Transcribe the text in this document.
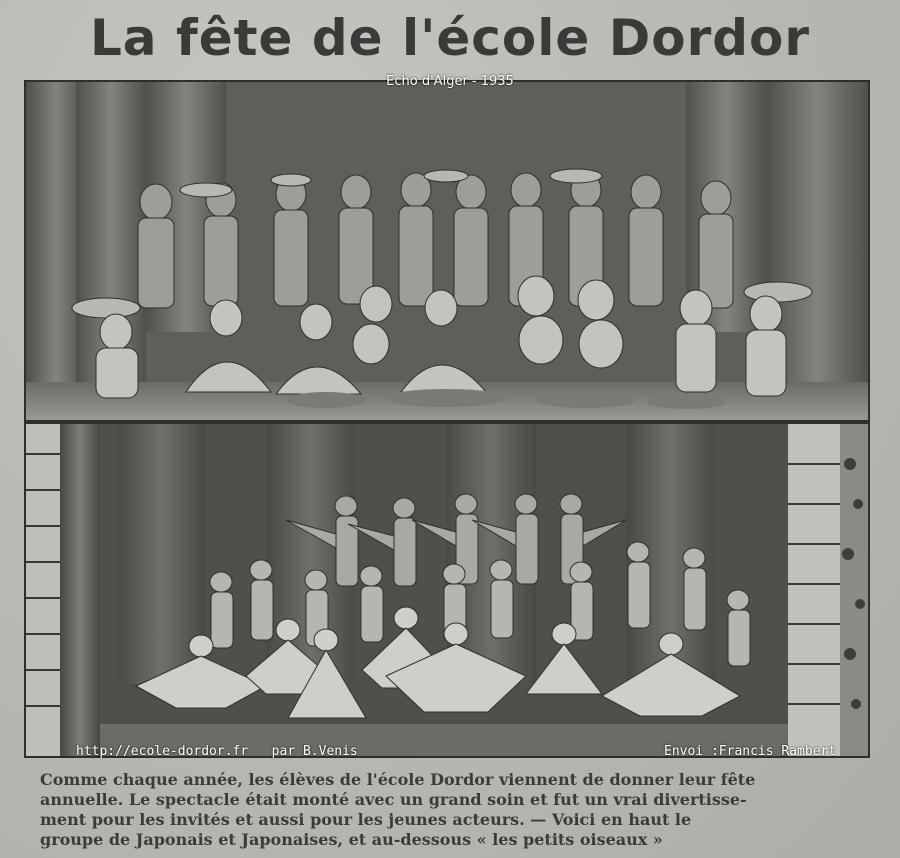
La fête de l'école Dordor
Echo d'Alger - 1935
http://ecole-dordor.fr   par B.Venis	Envoi :Francis Rambert
Comme chaque année, les élèves de l'école Dordor viennent de donner leur fête
annuelle. Le spectacle était monté avec un grand soin et fut un vrai divertisse-
ment pour les invités et aussi pour les jeunes acteurs. — Voici en haut le
groupe de Japonais et Japonaises, et au-dessous « les petits oiseaux »
